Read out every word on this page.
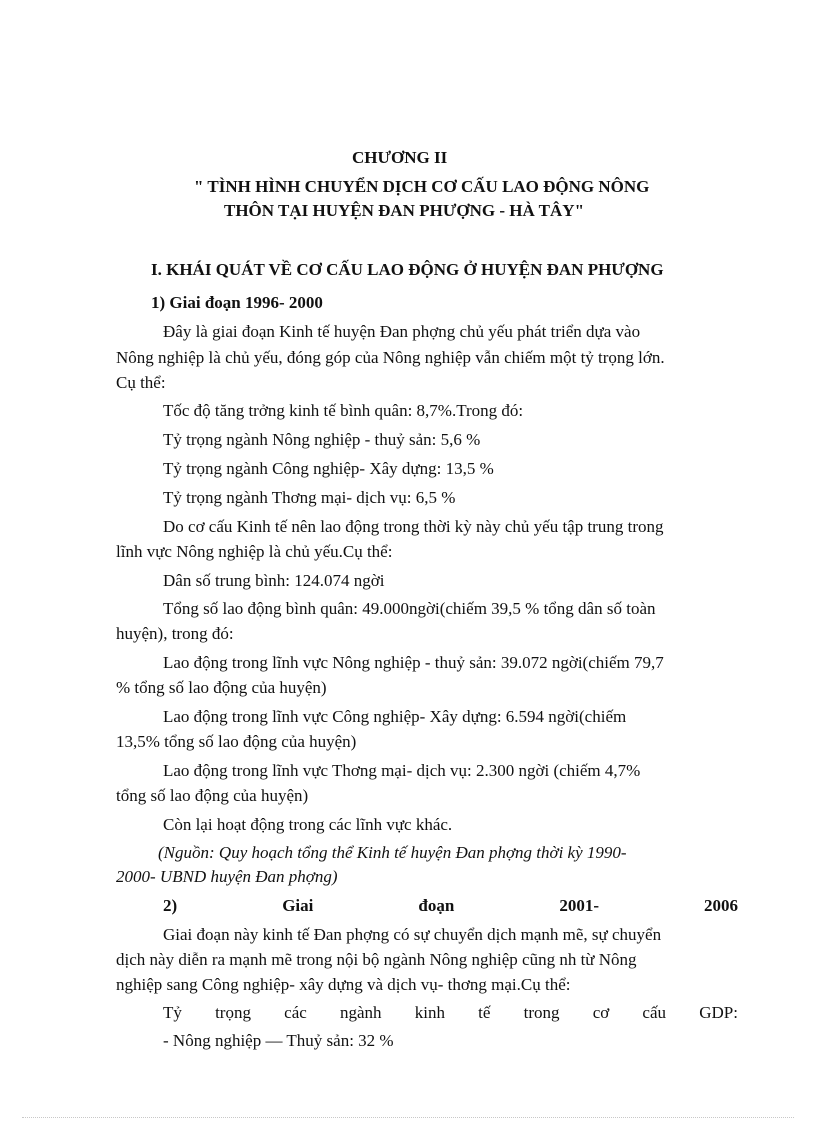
CHƯƠNG II
" TÌNH HÌNH CHUYỂN DỊCH CƠ CẤU LAO ĐỘNG NÔNG
THÔN TẠI HUYỆN ĐAN PHƯỢNG - HÀ TÂY"
I. KHÁI QUÁT VỀ CƠ CẤU LAO ĐỘNG Ở HUYỆN ĐAN PHƯỢNG
1) Giai đoạn 1996- 2000
Đây là giai đoạn Kinh tế huyện Đan phợng chủ yếu phát triển dựa vào
Nông nghiệp là chủ yếu, đóng góp của Nông nghiệp vẫn chiếm một tỷ trọng lớn.
Cụ thể:
Tốc độ tăng trởng kinh tế bình quân: 8,7%.Trong đó:
Tỷ trọng ngành Nông nghiệp - thuỷ sản: 5,6 %
Tỷ trọng ngành Công nghiệp- Xây dựng: 13,5 %
Tỷ trọng ngành Thơng mại- dịch vụ: 6,5 %
Do cơ cấu Kinh tế nên lao động trong thời kỳ này chủ yếu tập trung trong
lĩnh vực Nông nghiệp là chủ yếu.Cụ thể:
Dân số trung bình: 124.074 ngời
Tổng số lao động bình quân: 49.000ngời(chiếm 39,5 % tổng dân số toàn
huyện), trong đó:
Lao động trong lĩnh vực Nông nghiệp - thuỷ sản: 39.072 ngời(chiếm 79,7
% tổng số lao động của huyện)
Lao động trong lĩnh vực Công nghiệp- Xây dựng: 6.594 ngời(chiếm
13,5% tổng số lao động của huyện)
Lao động trong lĩnh vực Thơng mại- dịch vụ: 2.300 ngời (chiếm 4,7%
tổng số lao động của huyện)
Còn lại hoạt động trong các lĩnh vực khác.
(Nguồn: Quy hoạch tổng thể Kinh tế huyện Đan phợng thời kỳ 1990-
2000- UBND huyện Đan phợng)
2)	Giai	đoạn	2001-	2006
Giai đoạn này kinh tế Đan phợng có sự chuyển dịch mạnh mẽ, sự chuyển
dịch này diễn ra mạnh mẽ trong nội bộ ngành Nông nghiệp cũng nh từ Nông
nghiệp sang Công nghiệp- xây dựng và dịch vụ- thơng mại.Cụ thể:
Tỷ trọng các ngành kinh tế trong cơ cấu GDP:
- Nông nghiệp — Thuỷ sản: 32 %
